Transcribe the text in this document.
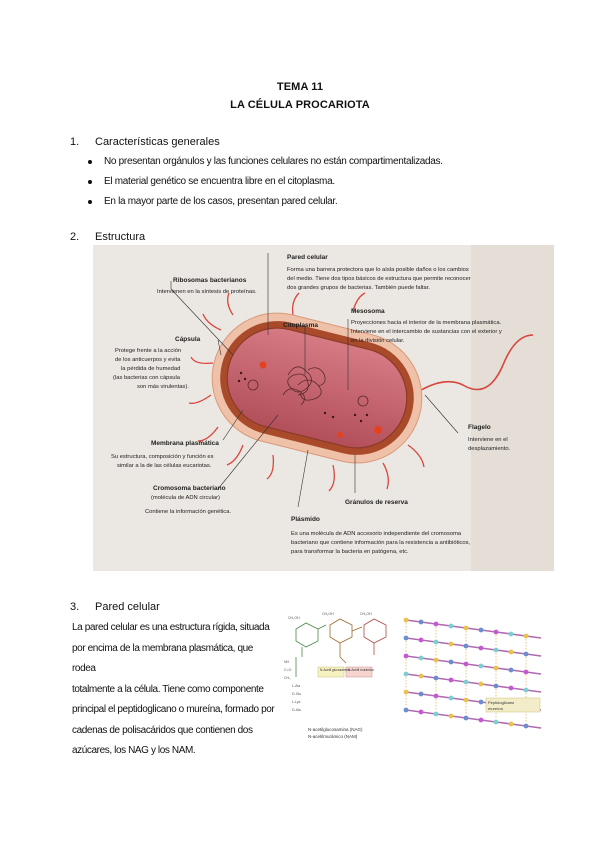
TEMA 11
LA CÉLULA PROCARIOTA
1. Características generales
No presentan orgánulos y las funciones celulares no están compartimentalizadas.
El material genético se encuentra libre en el citoplasma.
En la mayor parte de los casos, presentan pared celular.
2. Estructura
Ribosomas bacterianos
Intervienen en la síntesis de proteínas.
Pared celular
Forma una barrera protectora que lo aísla posible daños o los cambios
del medio. Tiene dos tipos básicos de estructura que permite reconocer
dos grandes grupos de bacterias. También puede faltar.
Citoplasma
Mesosoma
Proyecciones hacia el interior de la membrana plasmática.
Interviene en el intercambio de sustancias con el exterior y
en la división celular.
Cápsula
Protege frente a la acción
de los anticuerpos y evita
la pérdida de humedad
(las bacterias con cápsula
son más virulentas).
Membrana plasmática
Su estructura, composición y función es
similar a la de las células eucariotas.
Cromosoma bacteriano
(molécula de ADN circular)
Contiene la información genética.
Flagelo
Interviene en el
desplazamiento.
Gránulos de reserva
Plásmido
Es una molécula de ADN accesorio independiente del cromosoma
bacteriano que contiene información para la resistencia a antibióticos,
para transformar la bacteria en patógena, etc.
3. Pared celular
La pared celular es una estructura rígida, situada
por encima de la membrana plasmática, que rodea
totalmente a la célula. Tiene como componente
principal el peptidoglicano o mureína, formado por
cadenas de polisacáridos que contienen dos
azúcares, los NAG y los NAM.
CH₂OH
CH₂OH	CH₂OH
NH
C=O
CH₃
L-Ala
D-Glu
L-Lys
D-Ala
N-Acetil glucosamina
N-Acetil murámico
N-acetilglucosamina (NAG)
N-acetilmurámico (NAM)
Peptidoglicano
mureína
